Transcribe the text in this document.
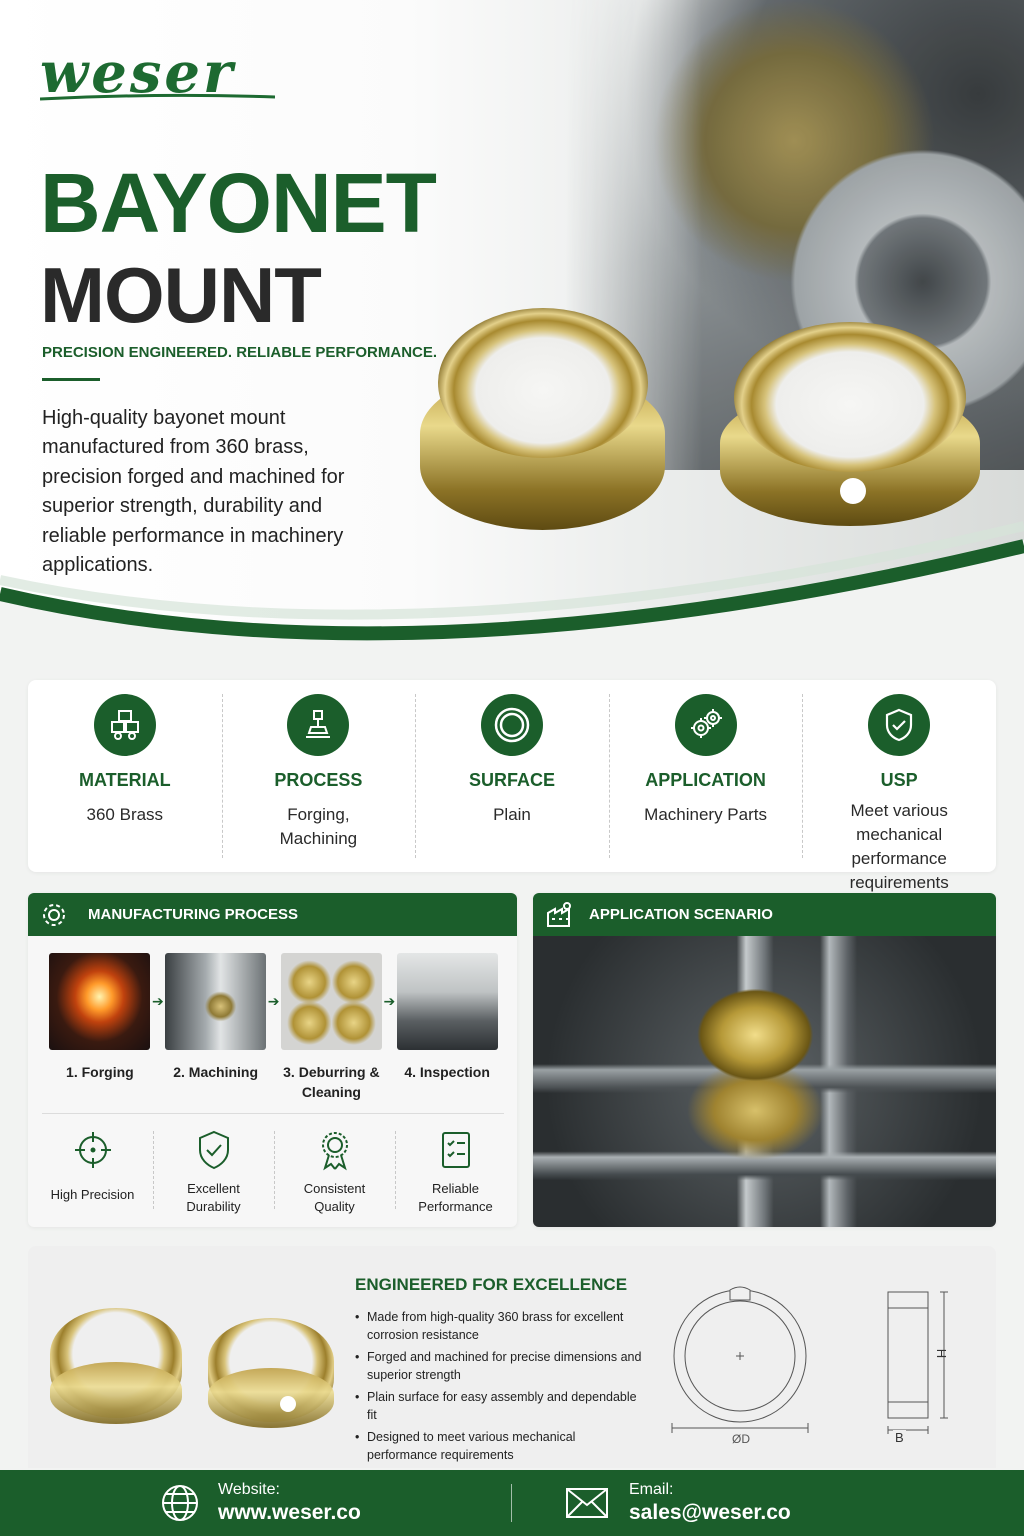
weser
BAYONET
MOUNT
PRECISION ENGINEERED. RELIABLE PERFORMANCE.

High-quality bayonet mount manufactured from 360 brass, precision forged and machined for superior strength, durability and reliable performance in machinery applications.

MATERIAL
360 Brass
PROCESS
Forging, Machining
SURFACE
Plain
APPLICATION
Machinery Parts
USP
Meet various mechanical performance requirements
MANUFACTURING PROCESS
1. Forging
➔
2. Machining
➔
3. Deburring & Cleaning
➔
4. Inspection
High Precision	Excellent Durability
Consistent Quality
Reliable Performance
APPLICATION SCENARIO
ENGINEERED FOR EXCELLENCE
• Made from high-quality 360 brass for excellent corrosion resistance
• Forged and machined for precise dimensions and superior strength
• Plain surface for easy assembly and dependable fit
• Designed to meet various mechanical performance requirements
ØD
H
B
Website:
www.weser.co
Email:
sales@weser.co
